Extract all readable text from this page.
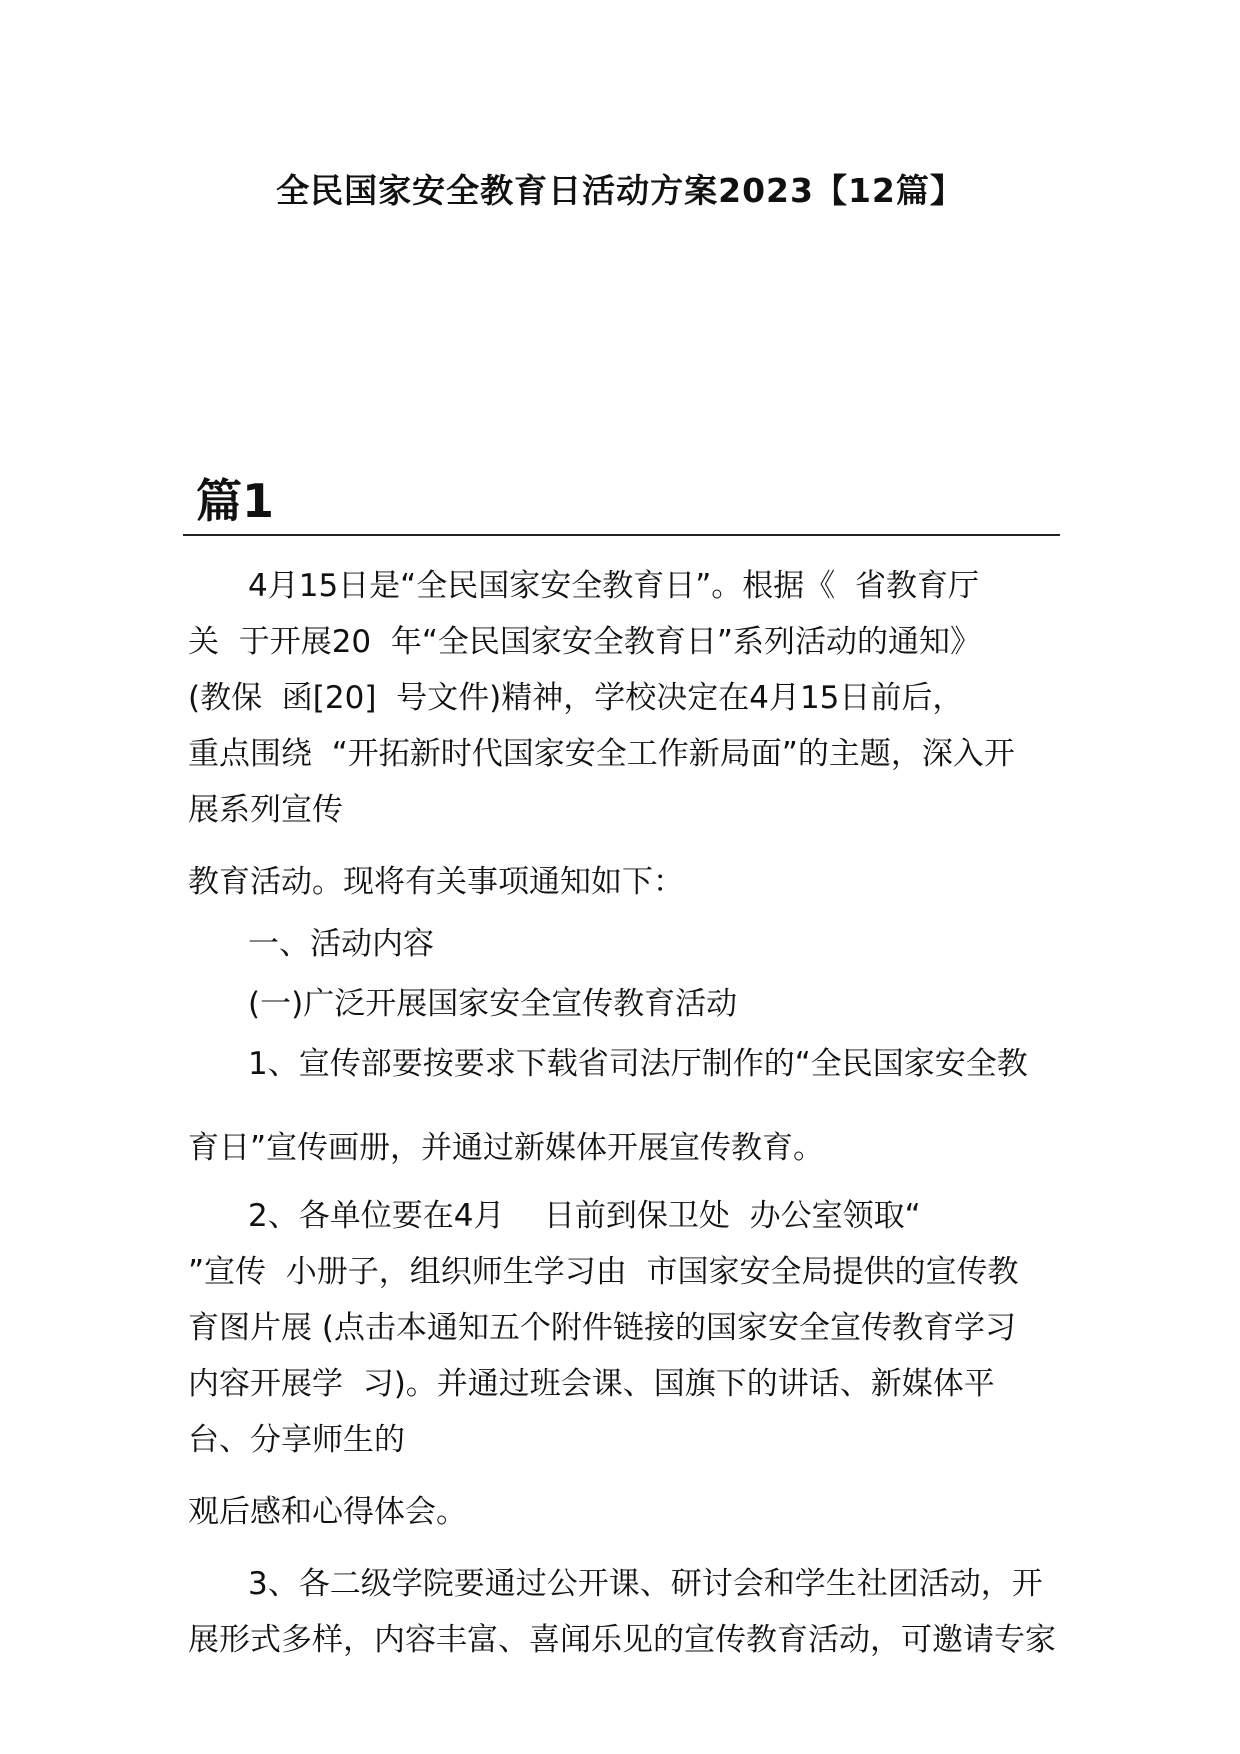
全民国家安全教育日活动方案2023【12篇】
篇1
4月15日是“全民国家安全教育日”。根据《  省教育厅
关  于开展20  年“全民国家安全教育日”系列活动的通知》
(教保  函[20]  号文件)精神，学校决定在4月15日前后，
重点围绕  “开拓新时代国家安全工作新局面”的主题，深入开
展系列宣传
教育活动。现将有关事项通知如下：
一、活动内容
(一)广泛开展国家安全宣传教育活动
1、宣传部要按要求下载省司法厅制作的“全民国家安全教
育日”宣传画册，并通过新媒体开展宣传教育。
2、各单位要在4月    日前到保卫处  办公室领取“
”宣传  小册子，组织师生学习由  市国家安全局提供的宣传教
育图片展 (点击本通知五个附件链接的国家安全宣传教育学习
内容开展学  习)。并通过班会课、国旗下的讲话、新媒体平
台、分享师生的
观后感和心得体会。
3、各二级学院要通过公开课、研讨会和学生社团活动，开
展形式多样，内容丰富、喜闻乐见的宣传教育活动，可邀请专家
